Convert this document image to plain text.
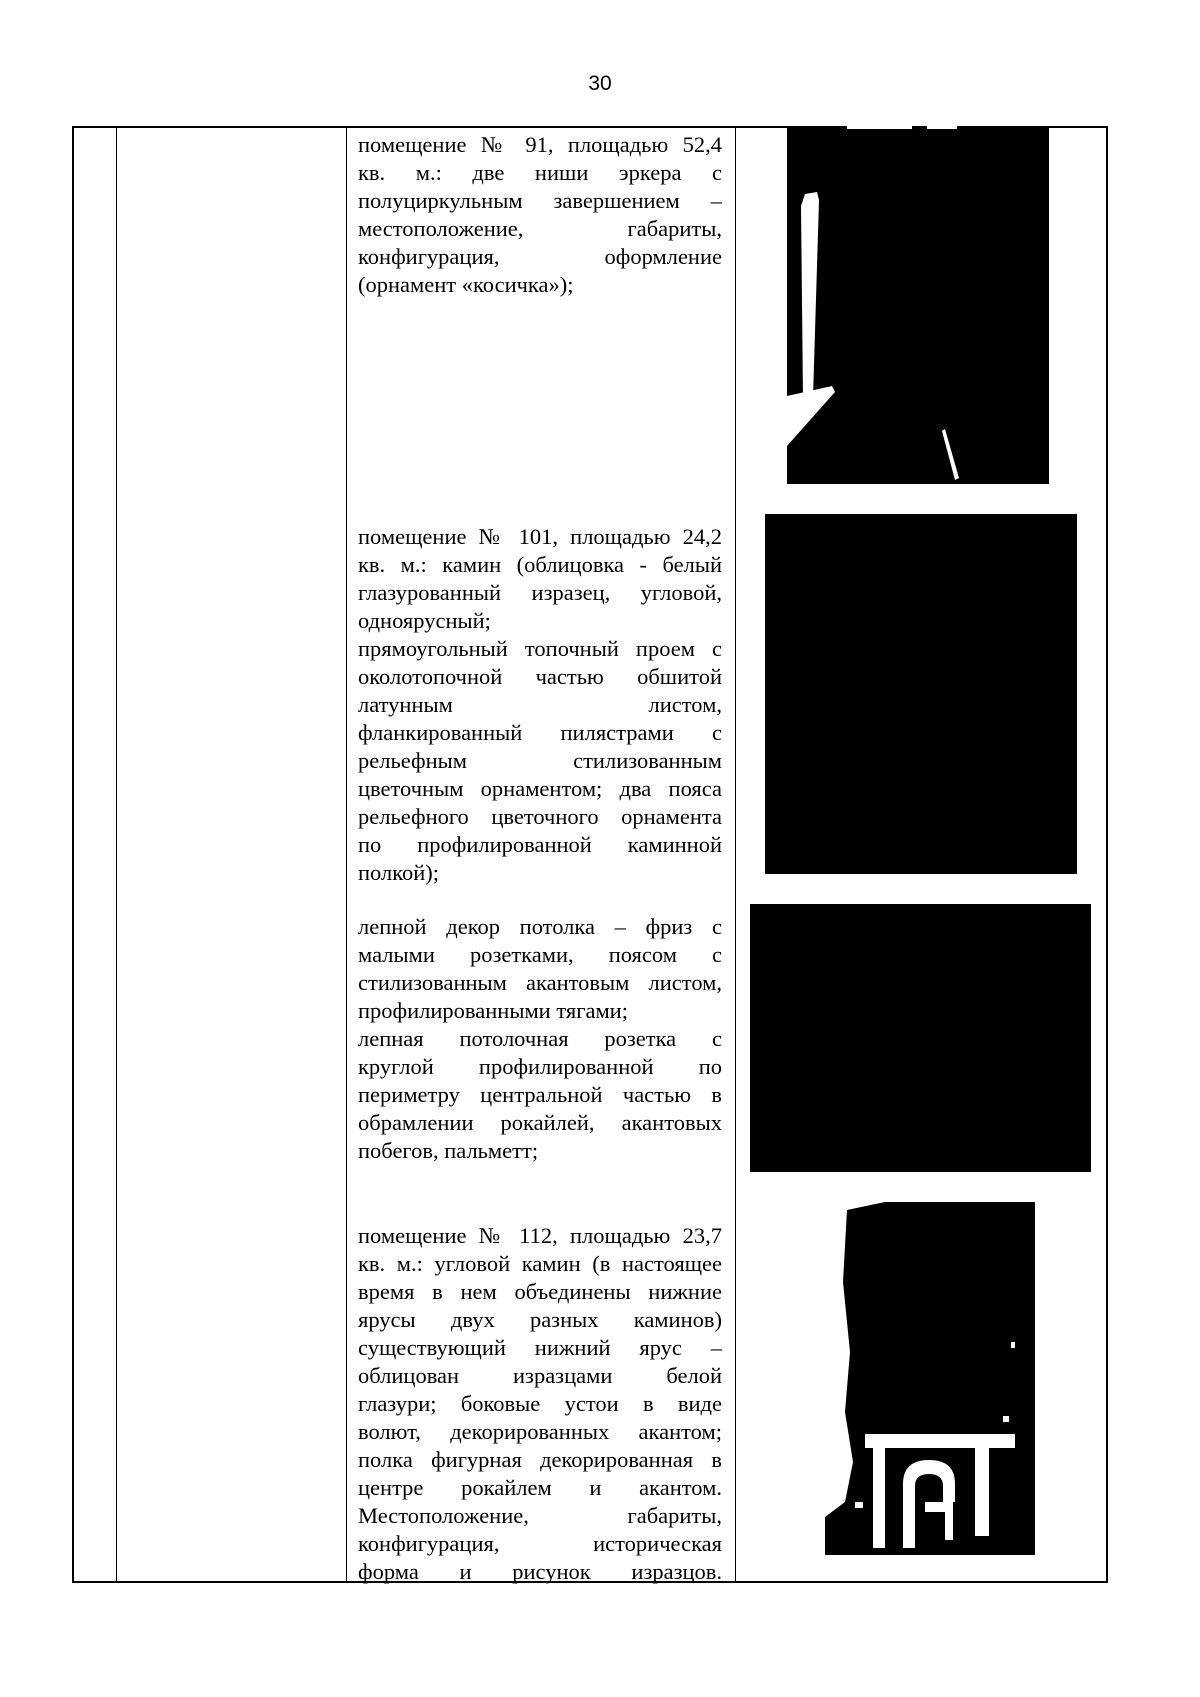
30

помещение № 91, площадью 52,4

кв. м.: две ниши эркера с

полуциркульным завершением –

местоположение, габариты,

конфигурация, оформление

(орнамент «косичка»);

помещение № 101, площадью 24,2

кв. м.: камин (облицовка - белый

глазурованный изразец, угловой,

одноярусный;

прямоугольный топочный проем с

околотопочной частью обшитой

латунным листом,

фланкированный пилястрами с

рельефным стилизованным

цветочным орнаментом; два пояса

рельефного цветочного орнамента

по профилированной каминной

полкой);

лепной декор потолка – фриз с

малыми розетками, поясом с

стилизованным акантовым листом,

профилированными тягами;

лепная потолочная розетка с

круглой профилированной по

периметру центральной частью в

обрамлении рокайлей, акантовых

побегов, пальметт;

помещение № 112, площадью 23,7

кв. м.: угловой камин (в настоящее

время в нем объединены нижние

ярусы двух разных каминов)

существующий нижний ярус –

облицован изразцами белой

глазури; боковые устои в виде

волют, декорированных акантом;

полка фигурная декорированная в

центре рокайлем и акантом.

Местоположение, габариты,

конфигурация, историческая

форма и рисунок изразцов.
